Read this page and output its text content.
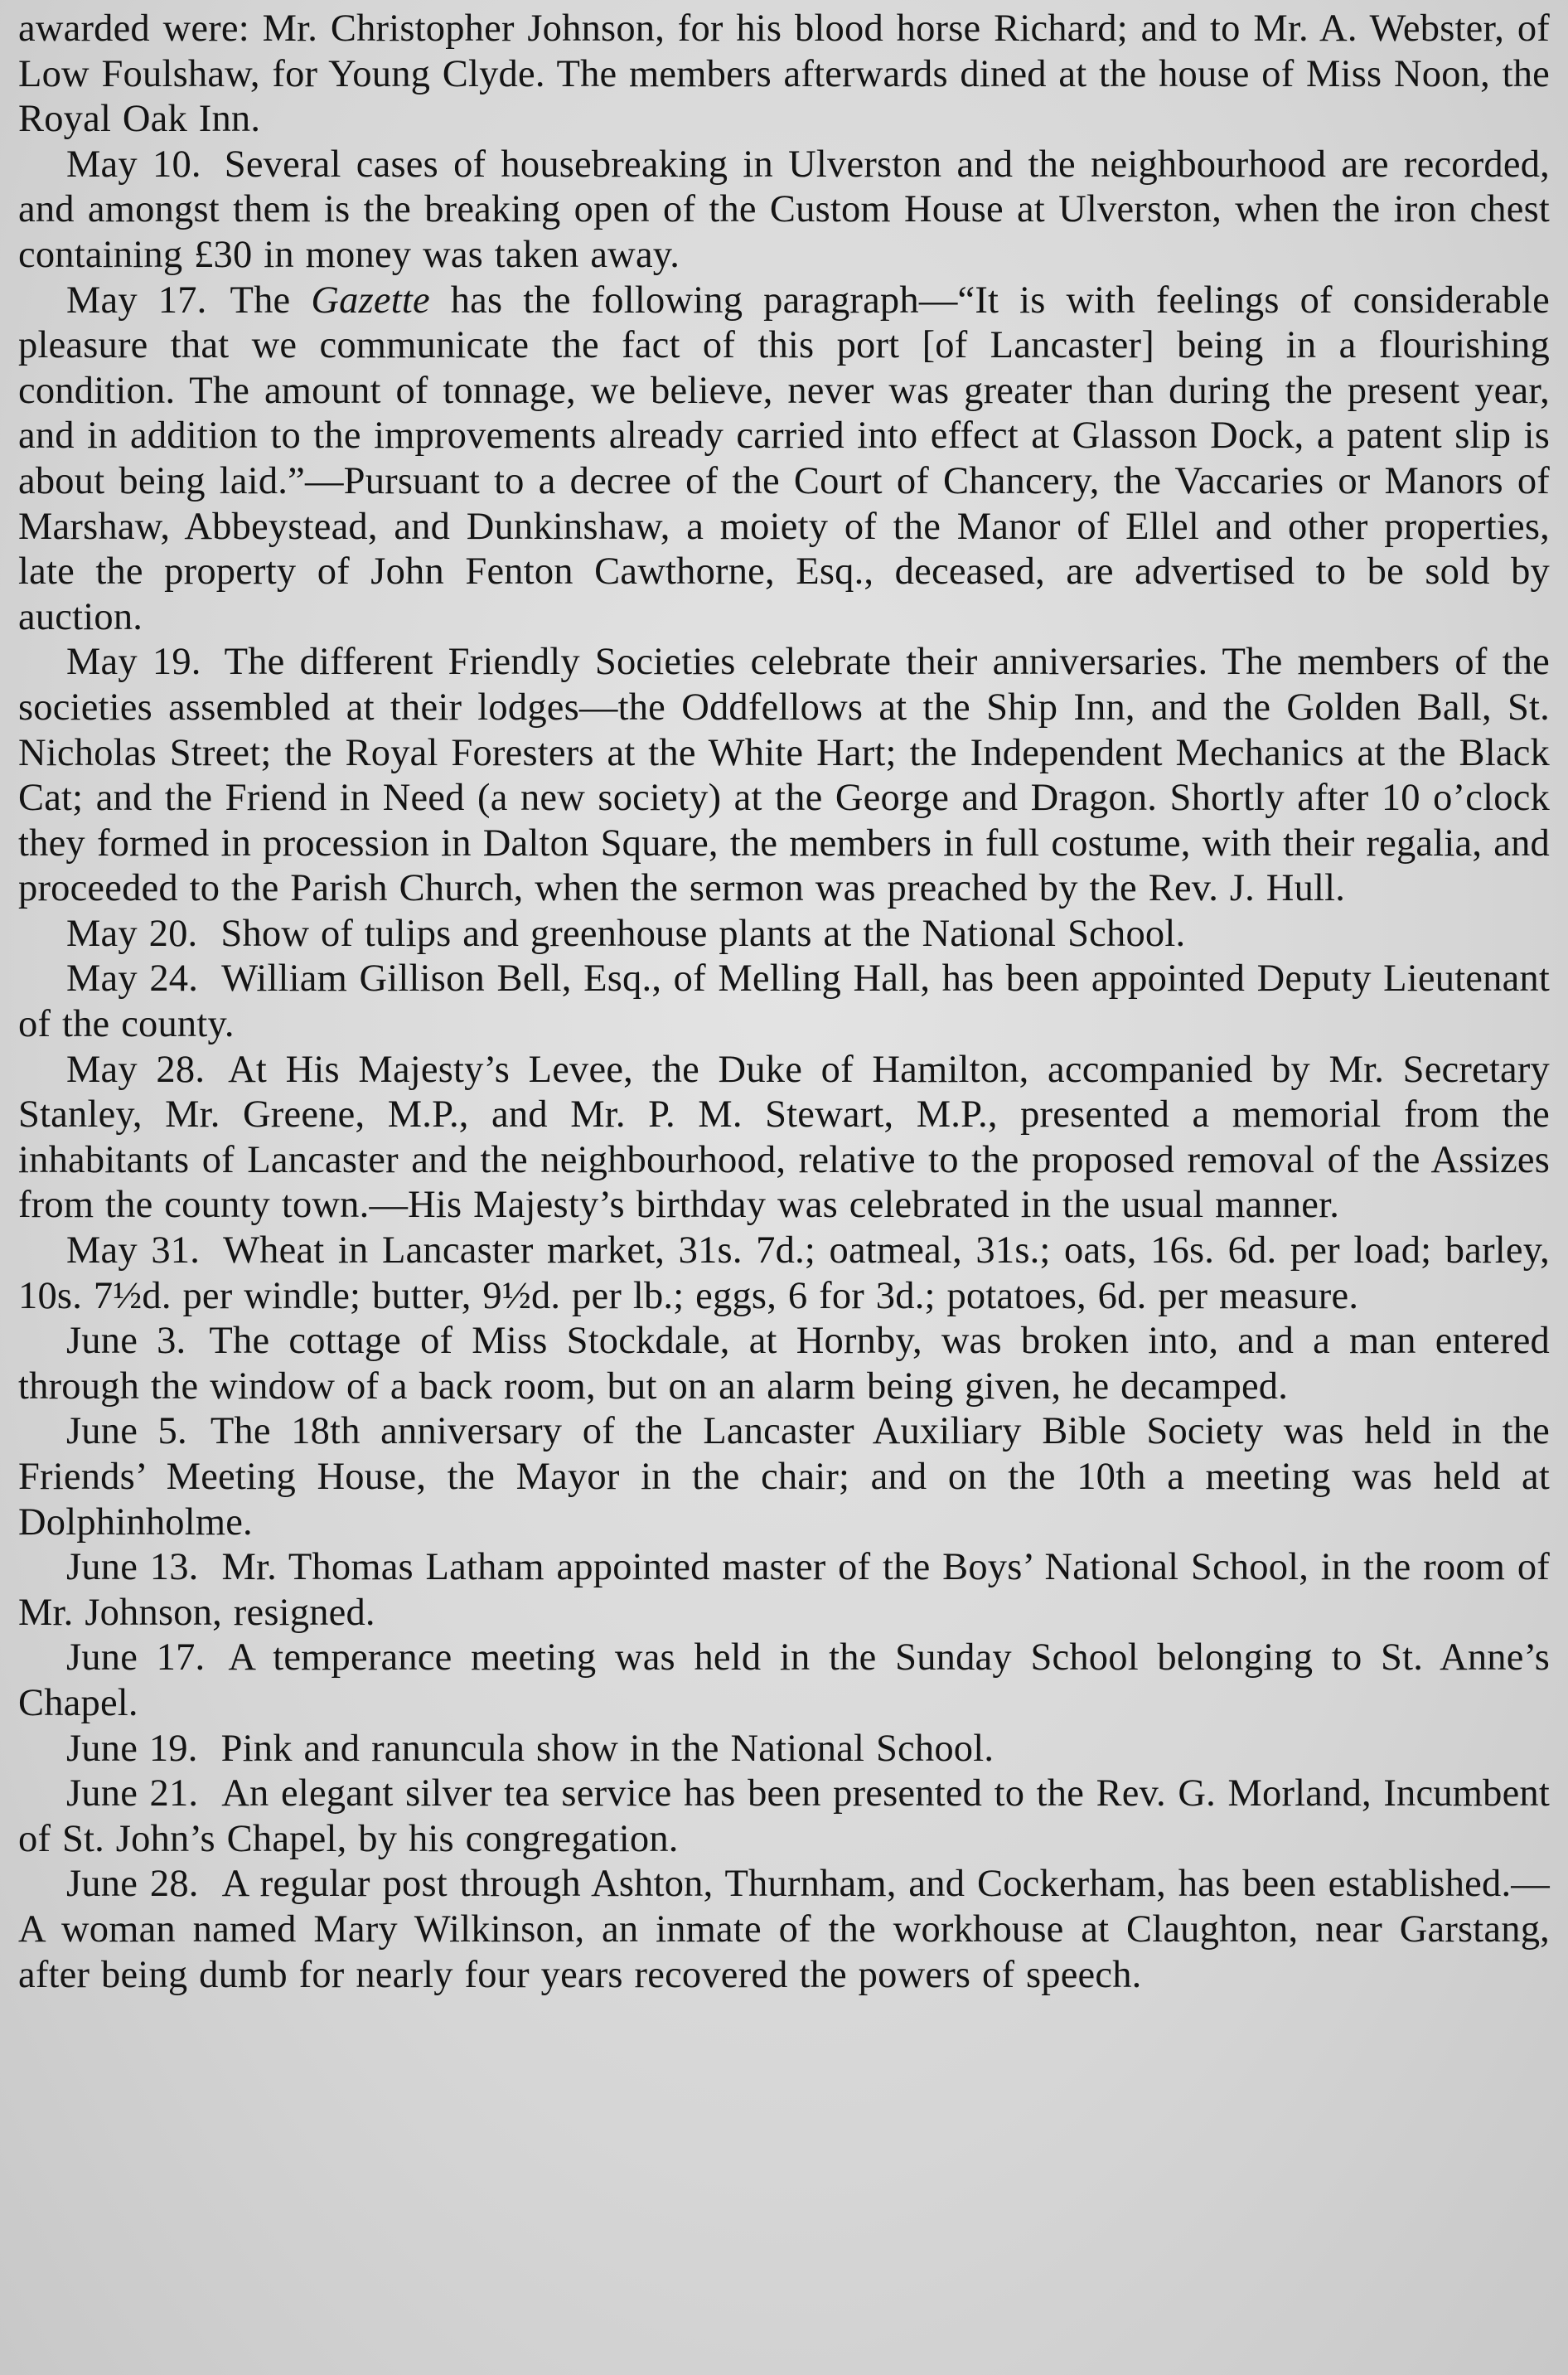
awarded were: Mr. Christopher Johnson, for his blood horse Richard; and to Mr. A. Webster, of Low Foulshaw, for Young Clyde. The members afterwards dined at the house of Miss Noon, the Royal Oak Inn.

May 10. Several cases of housebreaking in Ulverston and the neighbourhood are recorded, and amongst them is the breaking open of the Custom House at Ulverston, when the iron chest containing £30 in money was taken away.

May 17. The Gazette has the following paragraph—“It is with feelings of considerable pleasure that we communicate the fact of this port [of Lancaster] being in a flourishing condition. The amount of tonnage, we believe, never was greater than during the present year, and in addition to the improvements already carried into effect at Glasson Dock, a patent slip is about being laid.”—Pursuant to a decree of the Court of Chancery, the Vaccaries or Manors of Marshaw, Abbeystead, and Dunkinshaw, a moiety of the Manor of Ellel and other properties, late the property of John Fenton Cawthorne, Esq., deceased, are advertised to be sold by auction.

May 19. The different Friendly Societies celebrate their anniversaries. The members of the societies assembled at their lodges—the Oddfellows at the Ship Inn, and the Golden Ball, St. Nicholas Street; the Royal Foresters at the White Hart; the Independent Mechanics at the Black Cat; and the Friend in Need (a new society) at the George and Dragon. Shortly after 10 o’clock they formed in procession in Dalton Square, the members in full costume, with their regalia, and proceeded to the Parish Church, when the sermon was preached by the Rev. J. Hull.

May 20. Show of tulips and greenhouse plants at the National School.

May 24. William Gillison Bell, Esq., of Melling Hall, has been appointed Deputy Lieutenant of the county.

May 28. At His Majesty’s Levee, the Duke of Hamilton, accompanied by Mr. Secretary Stanley, Mr. Greene, M.P., and Mr. P. M. Stewart, M.P., presented a memorial from the inhabitants of Lancaster and the neighbourhood, relative to the proposed removal of the Assizes from the county town.—His Majesty’s birthday was celebrated in the usual manner.

May 31. Wheat in Lancaster market, 31s. 7d.; oatmeal, 31s.; oats, 16s. 6d. per load; barley, 10s. 7½d. per windle; butter, 9½d. per lb.; eggs, 6 for 3d.; potatoes, 6d. per measure.

June 3. The cottage of Miss Stockdale, at Hornby, was broken into, and a man entered through the window of a back room, but on an alarm being given, he decamped.

June 5. The 18th anniversary of the Lancaster Auxiliary Bible Society was held in the Friends’ Meeting House, the Mayor in the chair; and on the 10th a meeting was held at Dolphinholme.

June 13. Mr. Thomas Latham appointed master of the Boys’ National School, in the room of Mr. Johnson, resigned.

June 17. A temperance meeting was held in the Sunday School belonging to St. Anne’s Chapel.

June 19. Pink and ranuncula show in the National School.

June 21. An elegant silver tea service has been presented to the Rev. G. Morland, Incumbent of St. John’s Chapel, by his congregation.

June 28. A regular post through Ashton, Thurnham, and Cockerham, has been established.—A woman named Mary Wilkinson, an inmate of the workhouse at Claughton, near Garstang, after being dumb for nearly four years recovered the powers of speech.
